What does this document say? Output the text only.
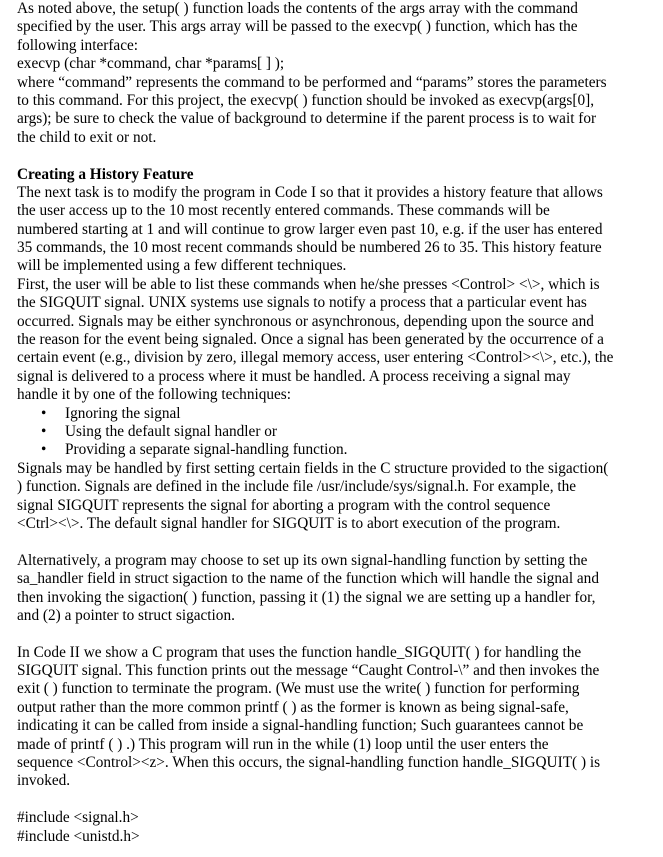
As noted above, the setup( ) function loads the contents of the args array with the command
specified by the user. This args array will be passed to the execvp( ) function, which has the
following interface:
execvp (char *command, char *params[ ] );
where “command” represents the command to be performed and “params” stores the parameters
to this command. For this project, the execvp( ) function should be invoked as execvp(args[0],
args); be sure to check the value of background to determine if the parent process is to wait for
the child to exit or not.
Creating a History Feature
The next task is to modify the program in Code I so that it provides a history feature that allows
the user access up to the 10 most recently entered commands. These commands will be
numbered starting at 1 and will continue to grow larger even past 10, e.g. if the user has entered
35 commands, the 10 most recent commands should be numbered 26 to 35. This history feature
will be implemented using a few different techniques.
First, the user will be able to list these commands when he/she presses <Control> <\>, which is
the SIGQUIT signal. UNIX systems use signals to notify a process that a particular event has
occurred. Signals may be either synchronous or asynchronous, depending upon the source and
the reason for the event being signaled. Once a signal has been generated by the occurrence of a
certain event (e.g., division by zero, illegal memory access, user entering <Control><\>, etc.), the
signal is delivered to a process where it must be handled. A process receiving a signal may
handle it by one of the following techniques:
• Ignoring the signal
• Using the default signal handler or
• Providing a separate signal-handling function.
Signals may be handled by first setting certain fields in the C structure provided to the sigaction(
) function. Signals are defined in the include file /usr/include/sys/signal.h. For example, the
signal SIGQUIT represents the signal for aborting a program with the control sequence
<Ctrl><\>. The default signal handler for SIGQUIT is to abort execution of the program.
Alternatively, a program may choose to set up its own signal-handling function by setting the
sa_handler field in struct sigaction to the name of the function which will handle the signal and
then invoking the sigaction( ) function, passing it (1) the signal we are setting up a handler for,
and (2) a pointer to struct sigaction.
In Code II we show a C program that uses the function handle_SIGQUIT( ) for handling the
SIGQUIT signal. This function prints out the message “Caught Control-\” and then invokes the
exit ( ) function to terminate the program. (We must use the write( ) function for performing
output rather than the more common printf ( ) as the former is known as being signal-safe,
indicating it can be called from inside a signal-handling function; Such guarantees cannot be
made of printf ( ) .) This program will run in the while (1) loop until the user enters the
sequence <Control><z>. When this occurs, the signal-handling function handle_SIGQUIT( ) is
invoked.
#include <signal.h>
#include <unistd.h>
